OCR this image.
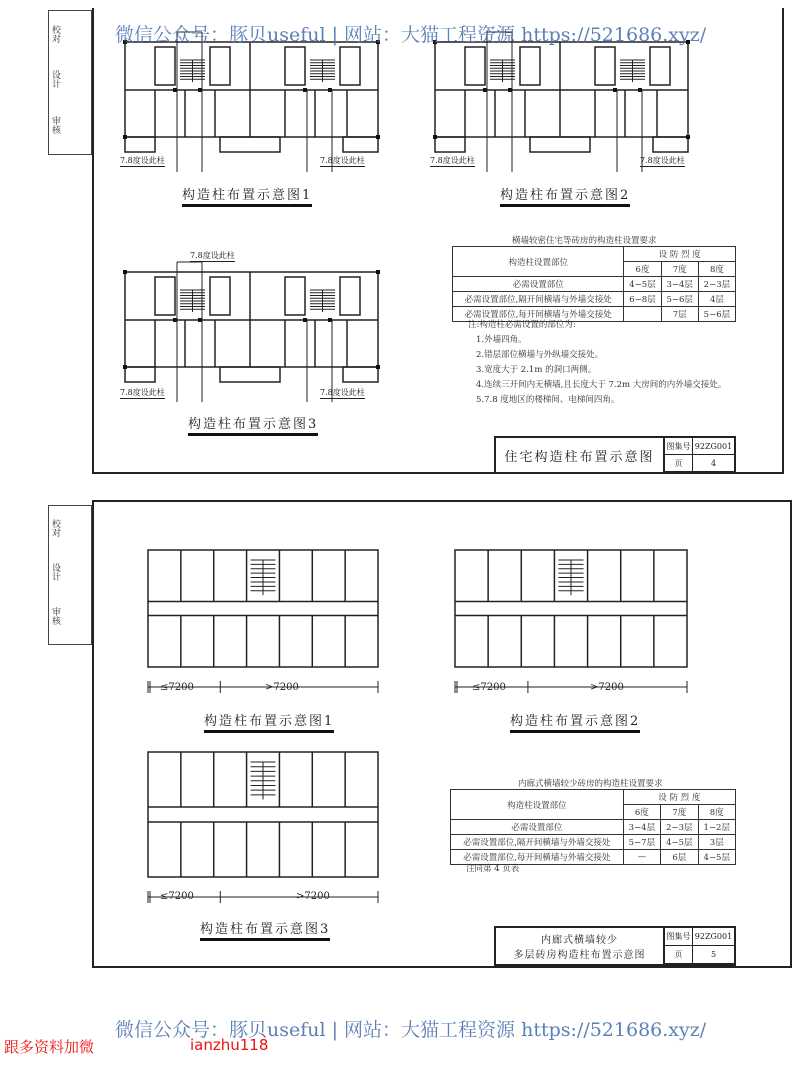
校对
设计
审核
7.8度设此柱	7.8度设此柱	7.8度设此柱	7.8度设此柱
7.8度设此柱
7.8度设此柱	7.8度设此柱
构造柱布置示意图1	构造柱布置示意图2
构造柱布置示意图3
横墙较密住宅等砖房的构造柱设置要求
构造柱设置部位	设 防 烈 度		
	6度	7度	8度
必需设置部位	4−5层	3−4层	2−3层
必需设置部位,隔开间横墙与外墙交接处	6−8层	5−6层	4层
必需设置部位,每开间横墙与外墙交接处		7层	5−6层
注:构造柱必需设置的部位为:
1.外墙四角。
2.错层部位横墙与外纵墙交接处。
3.宽度大于 2.1m 的洞口两侧。
4.连续三开间内无横墙,且长度大于 7.2m 大房间的内外墙交接处。
5.7.8 度地区的楼梯间、电梯间四角。
住宅构造柱布置示意图
图集号 92ZG001
页	4
校对
设计
审核
≤7200	>7200	≤7200	>7200
≤7200	>7200
构造柱布置示意图1	构造柱布置示意图2
构造柱布置示意图3
内廊式横墙较少砖房的构造柱设置要求
构造柱设置部位	设 防 烈 度		
	6度	7度	8度
必需设置部位	3−4层	2−3层	1−2层
必需设置部位,隔开间横墙与外墙交接处	5−7层	4−5层	3层
必需设置部位,每开间横墙与外墙交接处	—	6层	4−5层
注同第 4 页表
内廊式横墙较少
多层砖房构造柱布置示意图
图集号 92ZG001
页	5
微信公众号：豚贝useful | 网站：大猫工程资源 https://521686.xyz/
微信公众号：豚贝useful | 网站：大猫工程资源 https://521686.xyz/
跟多资料加微	ianzhu118
